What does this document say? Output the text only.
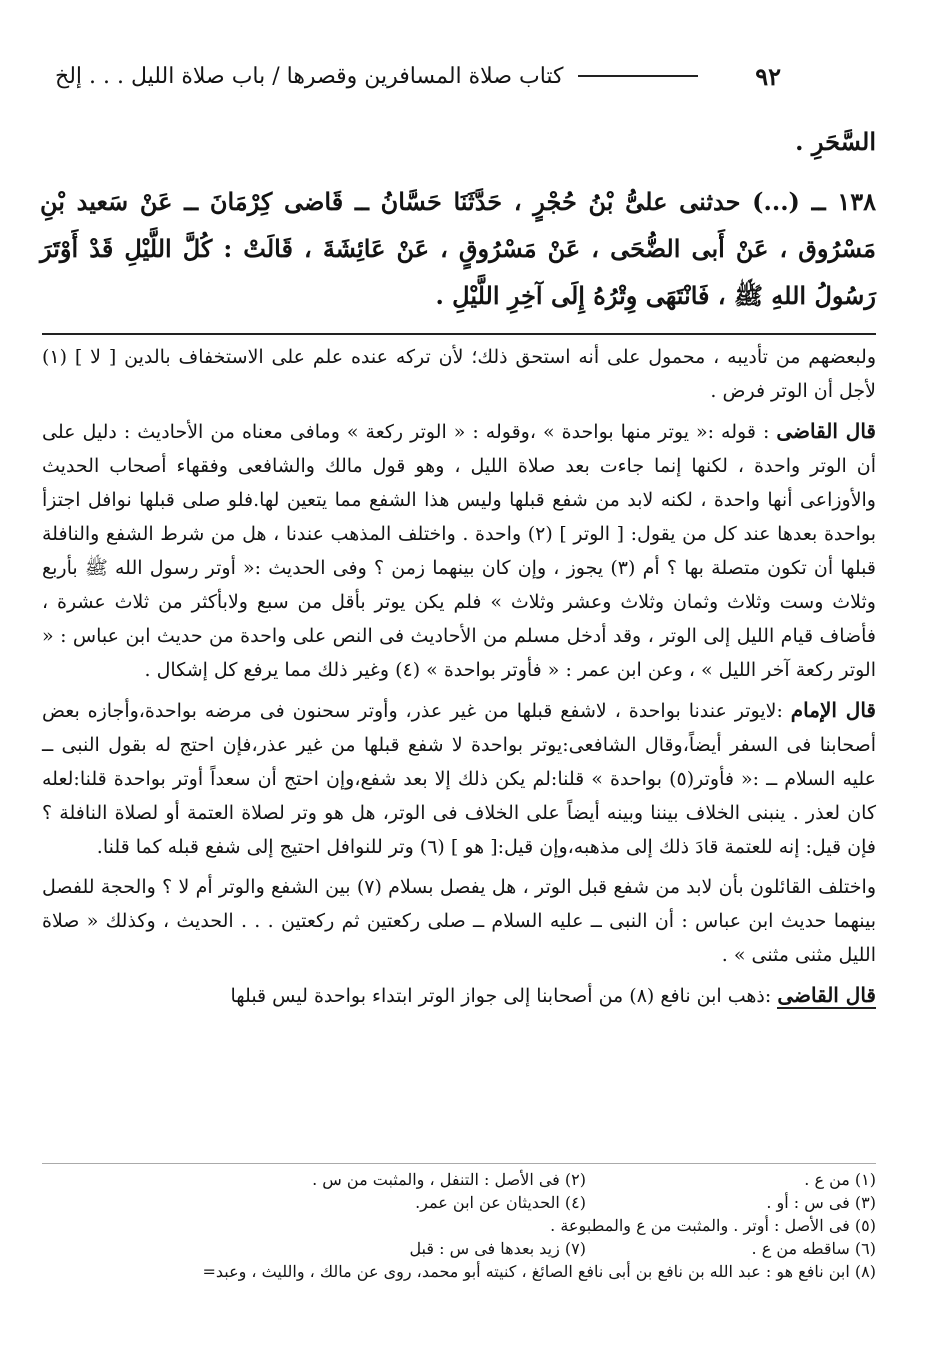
٩٢
كتاب صلاة المسافرين وقصرها / باب صلاة الليل . . . إلخ

السَّحَرِ .

١٣٨ ــ (...) حدثنى علىُّ بْنُ حُجْرٍ ، حَدَّثَنَا حَسَّانُ ــ قَاضى كِرْمَانَ ــ عَنْ سَعيد بْنِ مَسْرُوق ، عَنْ أَبى الضُّحَى ، عَنْ مَسْرُوقٍ ، عَنْ عَائِشَةَ ، قَالَتْ : كُلَّ اللَّيْلِ قَدْ أَوْتَرَ رَسُولُ اللهِ ﷺ ، فَانْتَهَى وِتْرُهُ إِلَى آخِرِ اللَّيْلِ .

ولبعضهم من تأديبه ، محمول على أنه استحق ذلك؛ لأن تركه عنده علم على الاستخفاف بالدين [ لا ] (١) لأجل أن الوتر فرض .

قال القاضى : قوله :« يوتر منها بواحدة » ،وقوله : « الوتر ركعة » ومافى معناه من الأحاديث : دليل على أن الوتر واحدة ، لكنها إنما جاءت بعد صلاة الليل ، وهو قول مالك والشافعى وفقهاء أصحاب الحديث والأوزاعى أنها واحدة ، لكنه لابد من شفع قبلها وليس هذا الشفع مما يتعين لها.فلو صلى قبلها نوافل اجتزأ بواحدة بعدها عند كل من يقول: [ الوتر ] (٢) واحدة . واختلف المذهب عندنا ، هل من شرط الشفع والنافلة قبلها أن تكون متصلة بها ؟ أم (٣) يجوز ، وإن كان بينهما زمن ؟ وفى الحديث :« أوتر رسول الله ﷺ بأربع وثلاث وست وثلاث وثمان وثلاث وعشر وثلاث » فلم يكن يوتر بأقل من سبع ولابأكثر من ثلاث عشرة ، فأضاف قيام الليل إلى الوتر ، وقد أدخل مسلم من الأحاديث فى النص على واحدة من حديث ابن عباس : « الوتر ركعة آخر الليل » ، وعن ابن عمر : « فأوتر بواحدة » (٤) وغير ذلك مما يرفع كل إشكال .

قال الإمام :لايوتر عندنا بواحدة ، لاشفع قبلها من غير عذر، وأوتر سحنون فى مرضه بواحدة،وأجازه بعض أصحابنا فى السفر أيضاً،وقال الشافعى:يوتر بواحدة لا شفع قبلها من غير عذر،فإن احتج له بقول النبى ــ عليه السلام ــ :« فأوتر(٥) بواحدة » قلنا:لم يكن ذلك إلا بعد شفع،وإن احتج أن سعداً أوتر بواحدة قلنا:لعله كان لعذر . ينبنى الخلاف بيننا وبينه أيضاً على الخلاف فى الوتر، هل هو وتر لصلاة العتمة أو لصلاة النافلة ؟ فإن قيل: إنه للعتمة قادَ ذلك إلى مذهبه،وإن قيل:[ هو ] (٦) وتر للنوافل احتيج إلى شفع قبله كما قلنا.

واختلف القائلون بأن لابد من شفع قبل الوتر ، هل يفصل بسلام (٧) بين الشفع والوتر أم لا ؟ والحجة للفصل بينهما حديث ابن عباس : أن النبى ــ عليه السلام ــ صلى ركعتين ثم ركعتين . . . الحديث ، وكذلك « صلاة الليل مثنى مثنى » .

قال القاضى :ذهب ابن نافع (٨) من أصحابنا إلى جواز الوتر ابتداء بواحدة ليس قبلها

(١) من ع .
(٢) فى الأصل : التنفل ، والمثبت من س .
(٣) فى س : أو .
(٤) الحديثان عن ابن عمر.
(٥) فى الأصل : أوتر . والمثبت من ع والمطبوعة .
(٦) ساقطه من ع .
(٧) زيد بعدها فى س : قبل
(٨) ابن نافع هو : عبد الله بن نافع بن أبى نافع الصائغ ، كنيته أبو محمد، روى عن مالك ، والليث ، وعبد=
